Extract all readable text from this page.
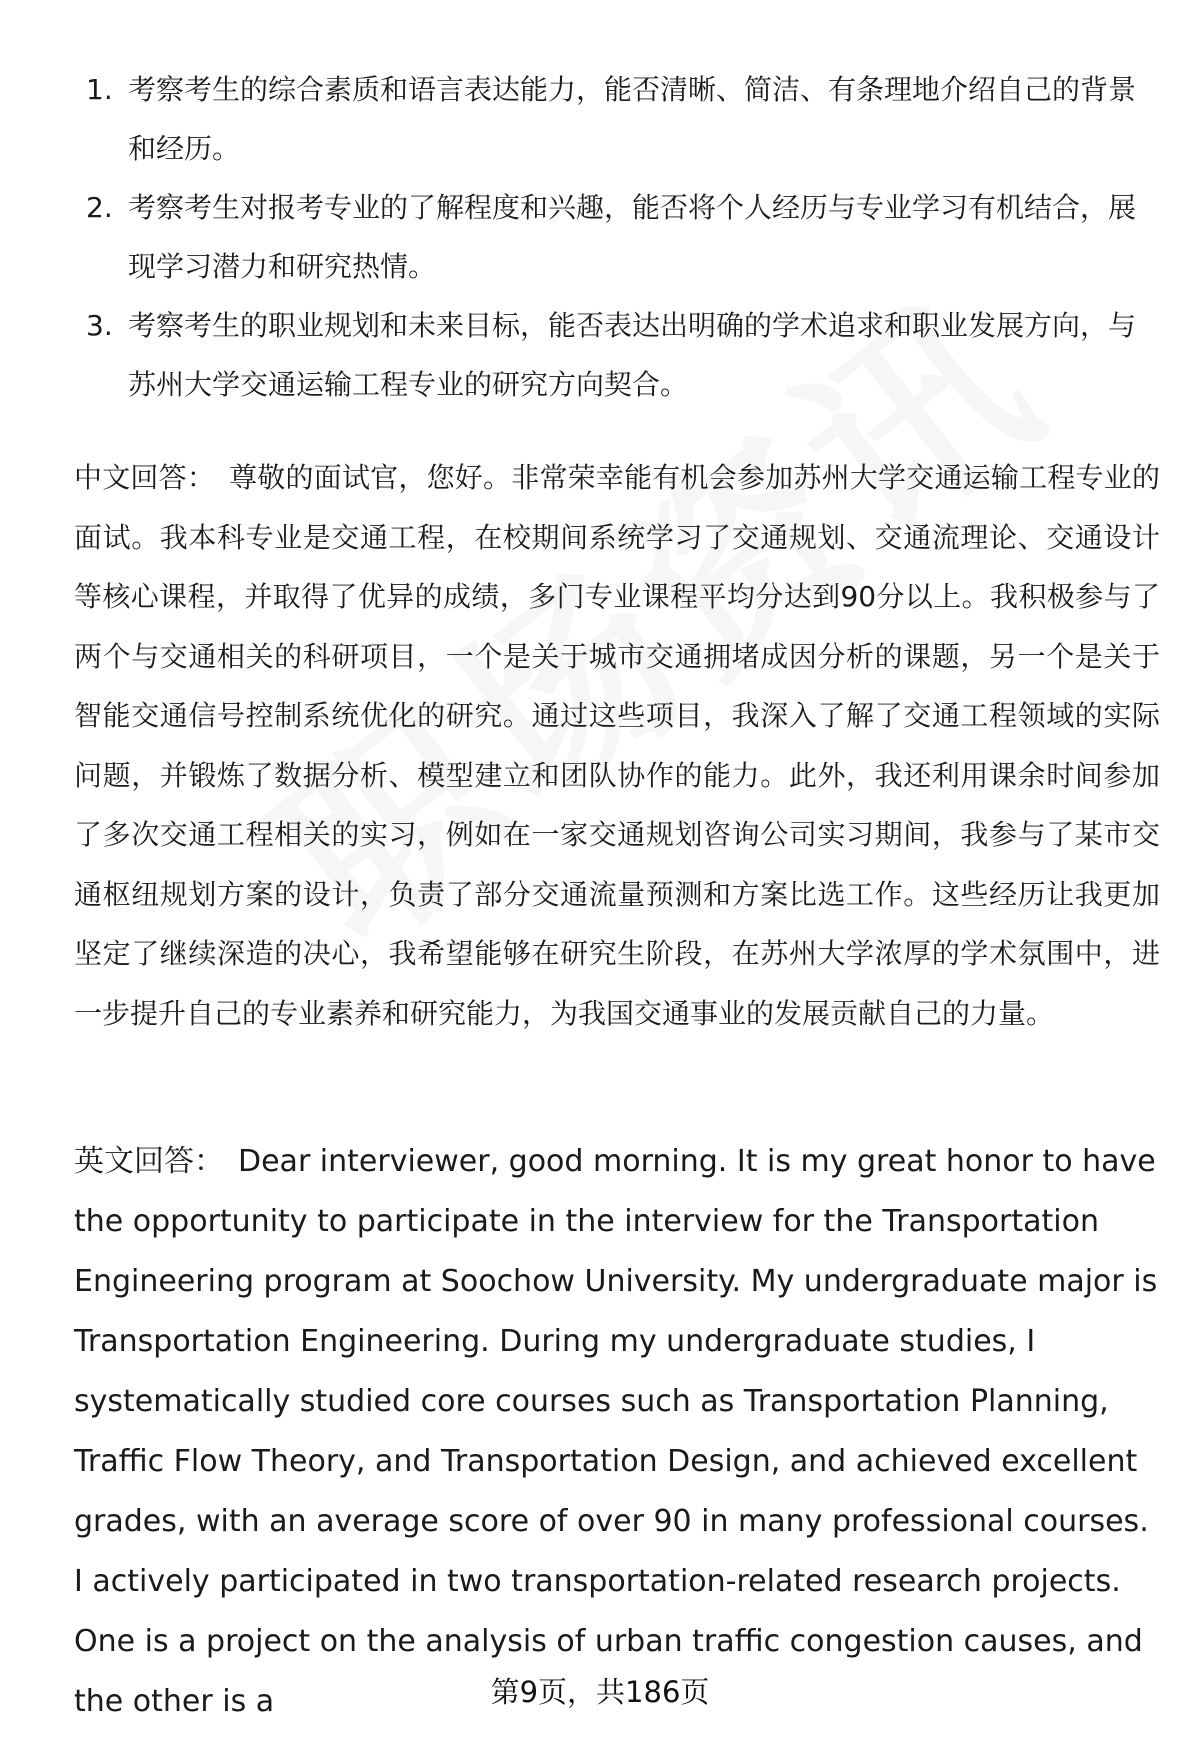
1. 考察考生的综合素质和语言表达能力，能否清晰、简洁、有条理地介绍自己的背景和经历。
2. 考察考生对报考专业的了解程度和兴趣，能否将个人经历与专业学习有机结合，展现学习潜力和研究热情。
3. 考察考生的职业规划和未来目标，能否表达出明确的学术追求和职业发展方向，与苏州大学交通运输工程专业的研究方向契合。

中文回答： 尊敬的面试官，您好。非常荣幸能有机会参加苏州大学交通运输工程专业的面试。我本科专业是交通工程，在校期间系统学习了交通规划、交通流理论、交通设计等核心课程，并取得了优异的成绩，多门专业课程平均分达到90分以上。我积极参与了两个与交通相关的科研项目，一个是关于城市交通拥堵成因分析的课题，另一个是关于智能交通信号控制系统优化的研究。通过这些项目，我深入了解了交通工程领域的实际问题，并锻炼了数据分析、模型建立和团队协作的能力。此外，我还利用课余时间参加了多次交通工程相关的实习，例如在一家交通规划咨询公司实习期间，我参与了某市交通枢纽规划方案的设计，负责了部分交通流量预测和方案比选工作。这些经历让我更加坚定了继续深造的决心，我希望能够在研究生阶段，在苏州大学浓厚的学术氛围中，进一步提升自己的专业素养和研究能力，为我国交通事业的发展贡献自己的力量。

英文回答： Dear interviewer, good morning. It is my great honor to have the opportunity to participate in the interview for the Transportation Engineering program at Soochow University. My undergraduate major is Transportation Engineering. During my undergraduate studies, I systematically studied core courses such as Transportation Planning, Traffic Flow Theory, and Transportation Design, and achieved excellent grades, with an average score of over 90 in many professional courses. I actively participated in two transportation-related research projects. One is a project on the analysis of urban traffic congestion causes, and the other is a	第9页，共186页
